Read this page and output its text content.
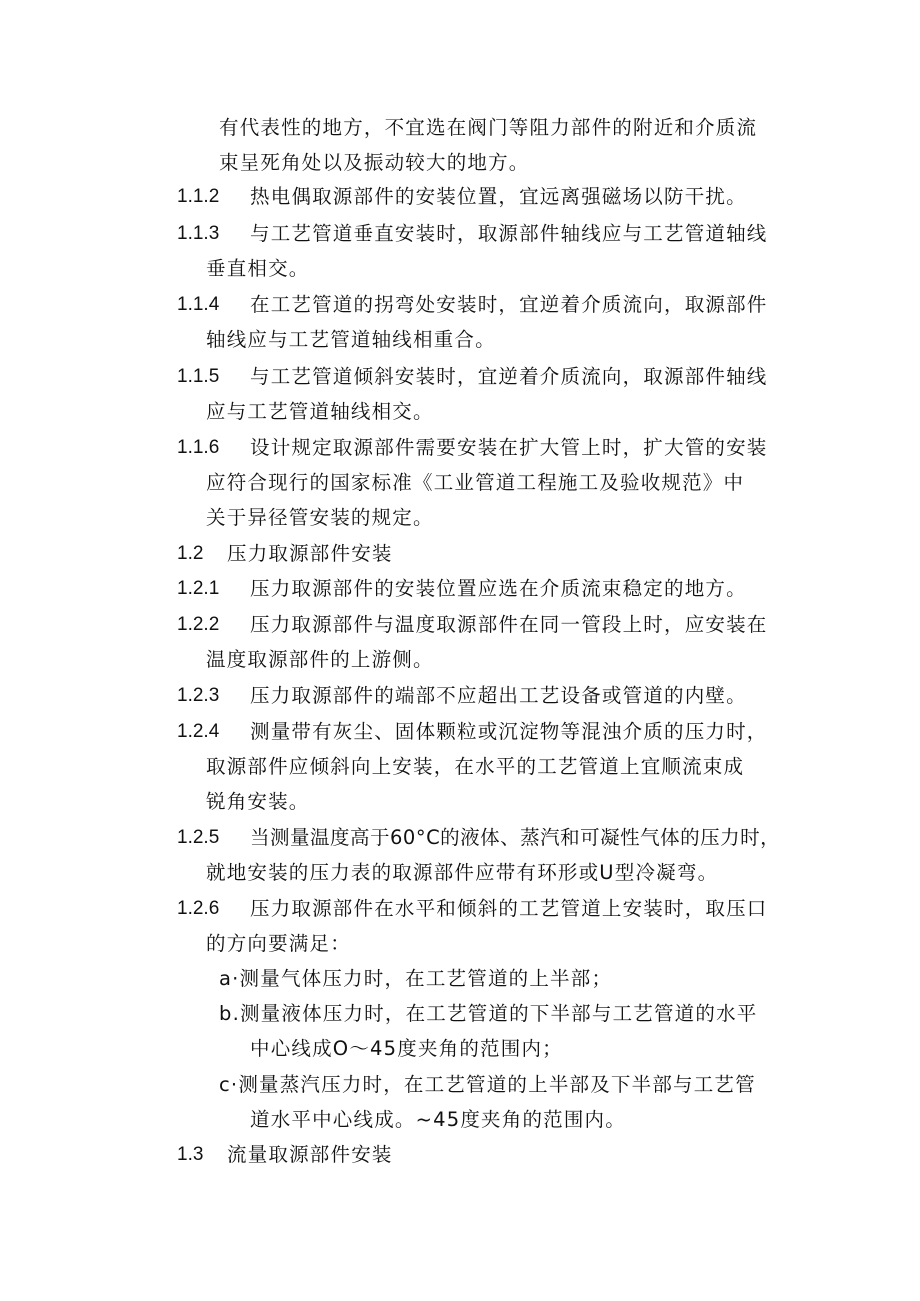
有代表性的地方，不宜选在阀门等阻力部件的附近和介质流
束呈死角处以及振动较大的地方。
1.1.2 热电偶取源部件的安装位置，宜远离强磁场以防干扰。
1.1.3 与工艺管道垂直安装时，取源部件轴线应与工艺管道轴线
垂直相交。
1.1.4 在工艺管道的拐弯处安装时，宜逆着介质流向，取源部件
轴线应与工艺管道轴线相重合。
1.1.5 与工艺管道倾斜安装时，宜逆着介质流向，取源部件轴线
应与工艺管道轴线相交。
1.1.6 设计规定取源部件需要安装在扩大管上时，扩大管的安装
应符合现行的国家标准《工业管道工程施工及验收规范》中
关于异径管安装的规定。
1.2 压力取源部件安装
1.2.1 压力取源部件的安装位置应选在介质流束稳定的地方。
1.2.2 压力取源部件与温度取源部件在同一管段上时，应安装在
温度取源部件的上游侧。
1.2.3 压力取源部件的端部不应超出工艺设备或管道的内壁。
1.2.4 测量带有灰尘、固体颗粒或沉淀物等混浊介质的压力时，
取源部件应倾斜向上安装，在水平的工艺管道上宜顺流束成
锐角安装。
1.2.5 当测量温度高于60°C的液体、蒸汽和可凝性气体的压力时，
就地安装的压力表的取源部件应带有环形或U型冷凝弯。
1.2.6 压力取源部件在水平和倾斜的工艺管道上安装时，取压口
的方向要满足：
a·测量气体压力时，在工艺管道的上半部；
b.测量液体压力时，在工艺管道的下半部与工艺管道的水平
中心线成O〜45度夹角的范围内；
c·测量蒸汽压力时，在工艺管道的上半部及下半部与工艺管
道水平中心线成。~45度夹角的范围内。
1.3 流量取源部件安装
